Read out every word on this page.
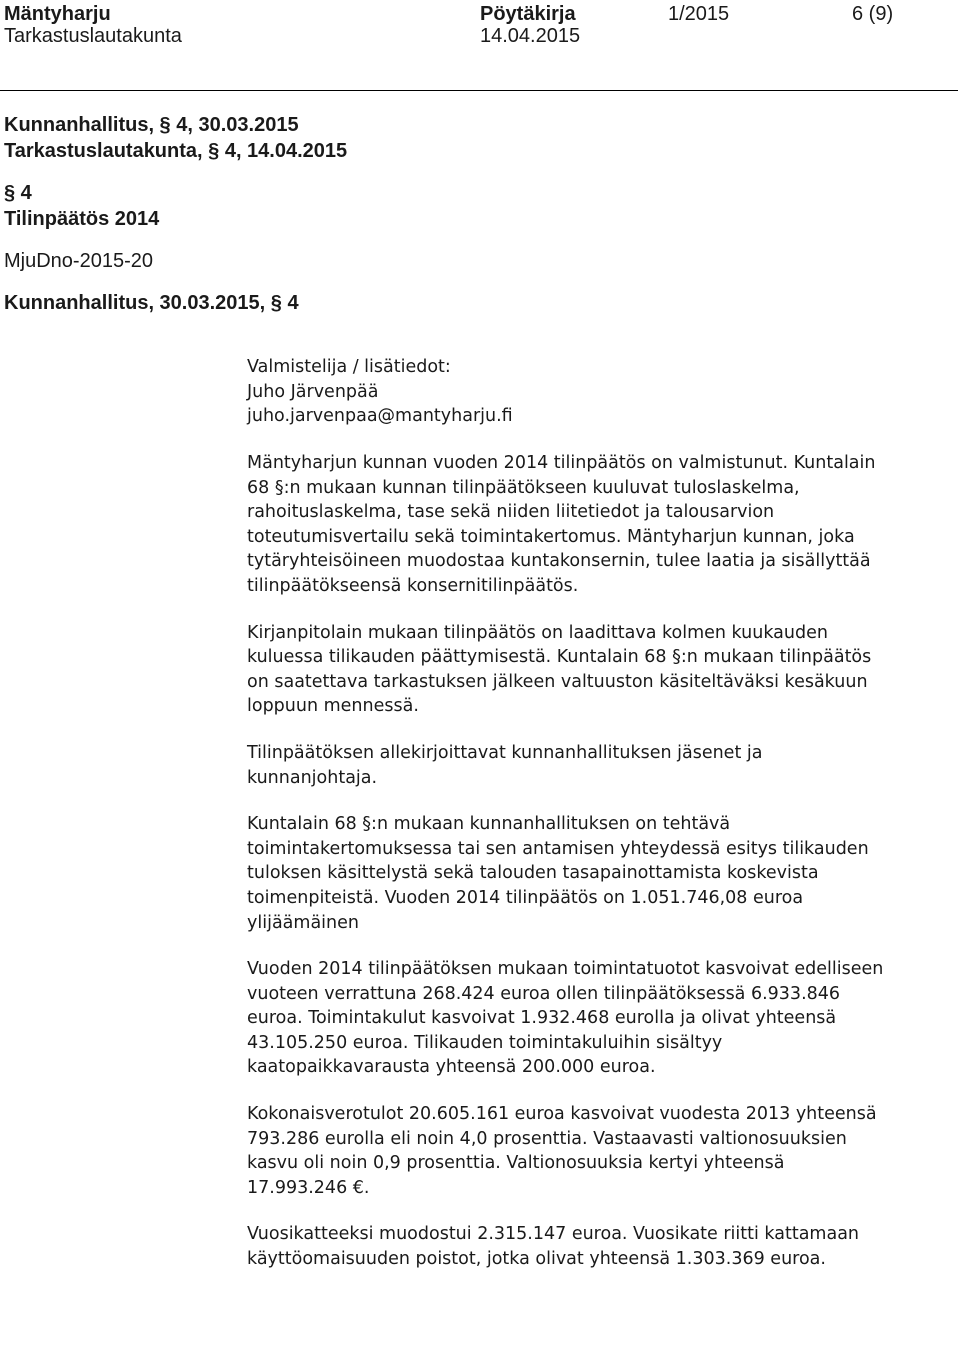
Mäntyharju
Tarkastuslautakunta
Pöytäkirja
14.04.2015
1/2015	6 (9)
Kunnanhallitus, § 4, 30.03.2015
Tarkastuslautakunta, § 4, 14.04.2015
§ 4
Tilinpäätös 2014
MjuDno-2015-20
Kunnanhallitus, 30.03.2015, § 4
Valmistelija / lisätiedot:
Juho Järvenpää
juho.jarvenpaa@mantyharju.fi

Mäntyharjun kunnan vuoden 2014 tilinpäätös on valmistunut. Kuntalain 68 §:n mukaan kunnan tilinpäätökseen kuuluvat tuloslaskelma, rahoituslaskelma, tase sekä niiden liitetiedot ja talousarvion toteutumisvertailu sekä toimintakertomus. Mäntyharjun kunnan, joka tytäryhteisöineen muodostaa kuntakonsernin, tulee laatia ja sisällyttää tilinpäätökseensä konsernitilinpäätös.

Kirjanpitolain mukaan tilinpäätös on laadittava kolmen kuukauden kuluessa tilikauden päättymisestä. Kuntalain 68 §:n mukaan tilinpäätös on saatettava tarkastuksen jälkeen valtuuston käsiteltäväksi kesäkuun loppuun mennessä.

Tilinpäätöksen allekirjoittavat kunnanhallituksen jäsenet ja kunnanjohtaja.

Kuntalain 68 §:n mukaan kunnanhallituksen on tehtävä toimintakertomuksessa tai sen antamisen yhteydessä esitys tilikauden tuloksen käsittelystä sekä talouden tasapainottamista koskevista toimenpiteistä. Vuoden 2014 tilinpäätös on 1.051.746,08 euroa ylijäämäinen

Vuoden 2014 tilinpäätöksen mukaan toimintatuotot kasvoivat edelliseen vuoteen verrattuna 268.424 euroa ollen tilinpäätöksessä 6.933.846 euroa. Toimintakulut kasvoivat 1.932.468 eurolla ja olivat yhteensä 43.105.250 euroa. Tilikauden toimintakuluihin sisältyy kaatopaikkavarausta yhteensä 200.000 euroa.

Kokonaisverotulot 20.605.161 euroa kasvoivat vuodesta 2013 yhteensä 793.286 eurolla eli noin 4,0 prosenttia. Vastaavasti valtionosuuksien kasvu oli noin 0,9 prosenttia. Valtionosuuksia kertyi yhteensä 17.993.246 €.

Vuosikatteeksi muodostui 2.315.147 euroa. Vuosikate riitti kattamaan käyttöomaisuuden poistot, jotka olivat yhteensä 1.303.369 euroa.
